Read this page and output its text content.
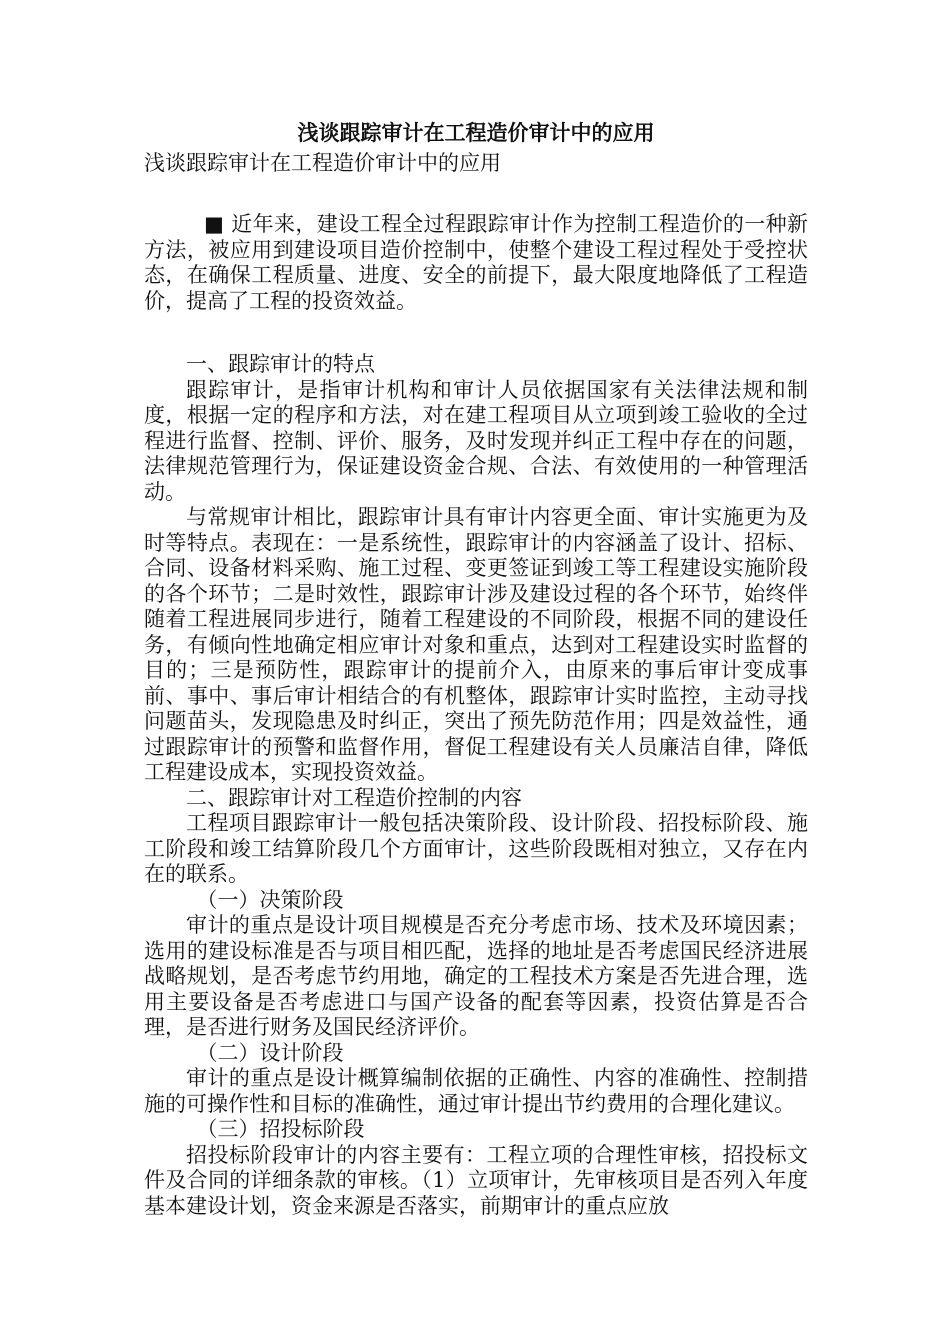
浅谈跟踪审计在工程造价审计中的应用

浅谈跟踪审计在工程造价审计中的应用

■ 近年来，建设工程全过程跟踪审计作为控制工程造价的一种新方法，被应用到建设项目造价控制中，使整个建设工程过程处于受控状态，在确保工程质量、进度、安全的前提下，最大限度地降低了工程造价，提高了工程的投资效益。

一、跟踪审计的特点

跟踪审计，是指审计机构和审计人员依据国家有关法律法规和制度，根据一定的程序和方法，对在建工程项目从立项到竣工验收的全过程进行监督、控制、评价、服务，及时发现并纠正工程中存在的问题，法律规范管理行为，保证建设资金合规、合法、有效使用的一种管理活动。

与常规审计相比，跟踪审计具有审计内容更全面、审计实施更为及时等特点。表现在：一是系统性，跟踪审计的内容涵盖了设计、招标、合同、设备材料采购、施工过程、变更签证到竣工等工程建设实施阶段的各个环节；二是时效性，跟踪审计涉及建设过程的各个环节，始终伴随着工程进展同步进行，随着工程建设的不同阶段，根据不同的建设任务，有倾向性地确定相应审计对象和重点，达到对工程建设实时监督的目的；三是预防性，跟踪审计的提前介入，由原来的事后审计变成事前、事中、事后审计相结合的有机整体，跟踪审计实时监控，主动寻找问题苗头，发现隐患及时纠正，突出了预先防范作用；四是效益性，通过跟踪审计的预警和监督作用，督促工程建设有关人员廉洁自律，降低工程建设成本，实现投资效益。

二、跟踪审计对工程造价控制的内容

工程项目跟踪审计一般包括决策阶段、设计阶段、招投标阶段、施工阶段和竣工结算阶段几个方面审计，这些阶段既相对独立，又存在内在的联系。

（一）决策阶段

审计的重点是设计项目规模是否充分考虑市场、技术及环境因素；选用的建设标准是否与项目相匹配，选择的地址是否考虑国民经济进展战略规划，是否考虑节约用地，确定的工程技术方案是否先进合理，选用主要设备是否考虑进口与国产设备的配套等因素，投资估算是否合理，是否进行财务及国民经济评价。

（二）设计阶段

审计的重点是设计概算编制依据的正确性、内容的准确性、控制措施的可操作性和目标的准确性，通过审计提出节约费用的合理化建议。

（三）招投标阶段

招投标阶段审计的内容主要有：工程立项的合理性审核，招投标文件及合同的详细条款的审核。（1）立项审计，先审核项目是否列入年度基本建设计划，资金来源是否落实，前期审计的重点应放
